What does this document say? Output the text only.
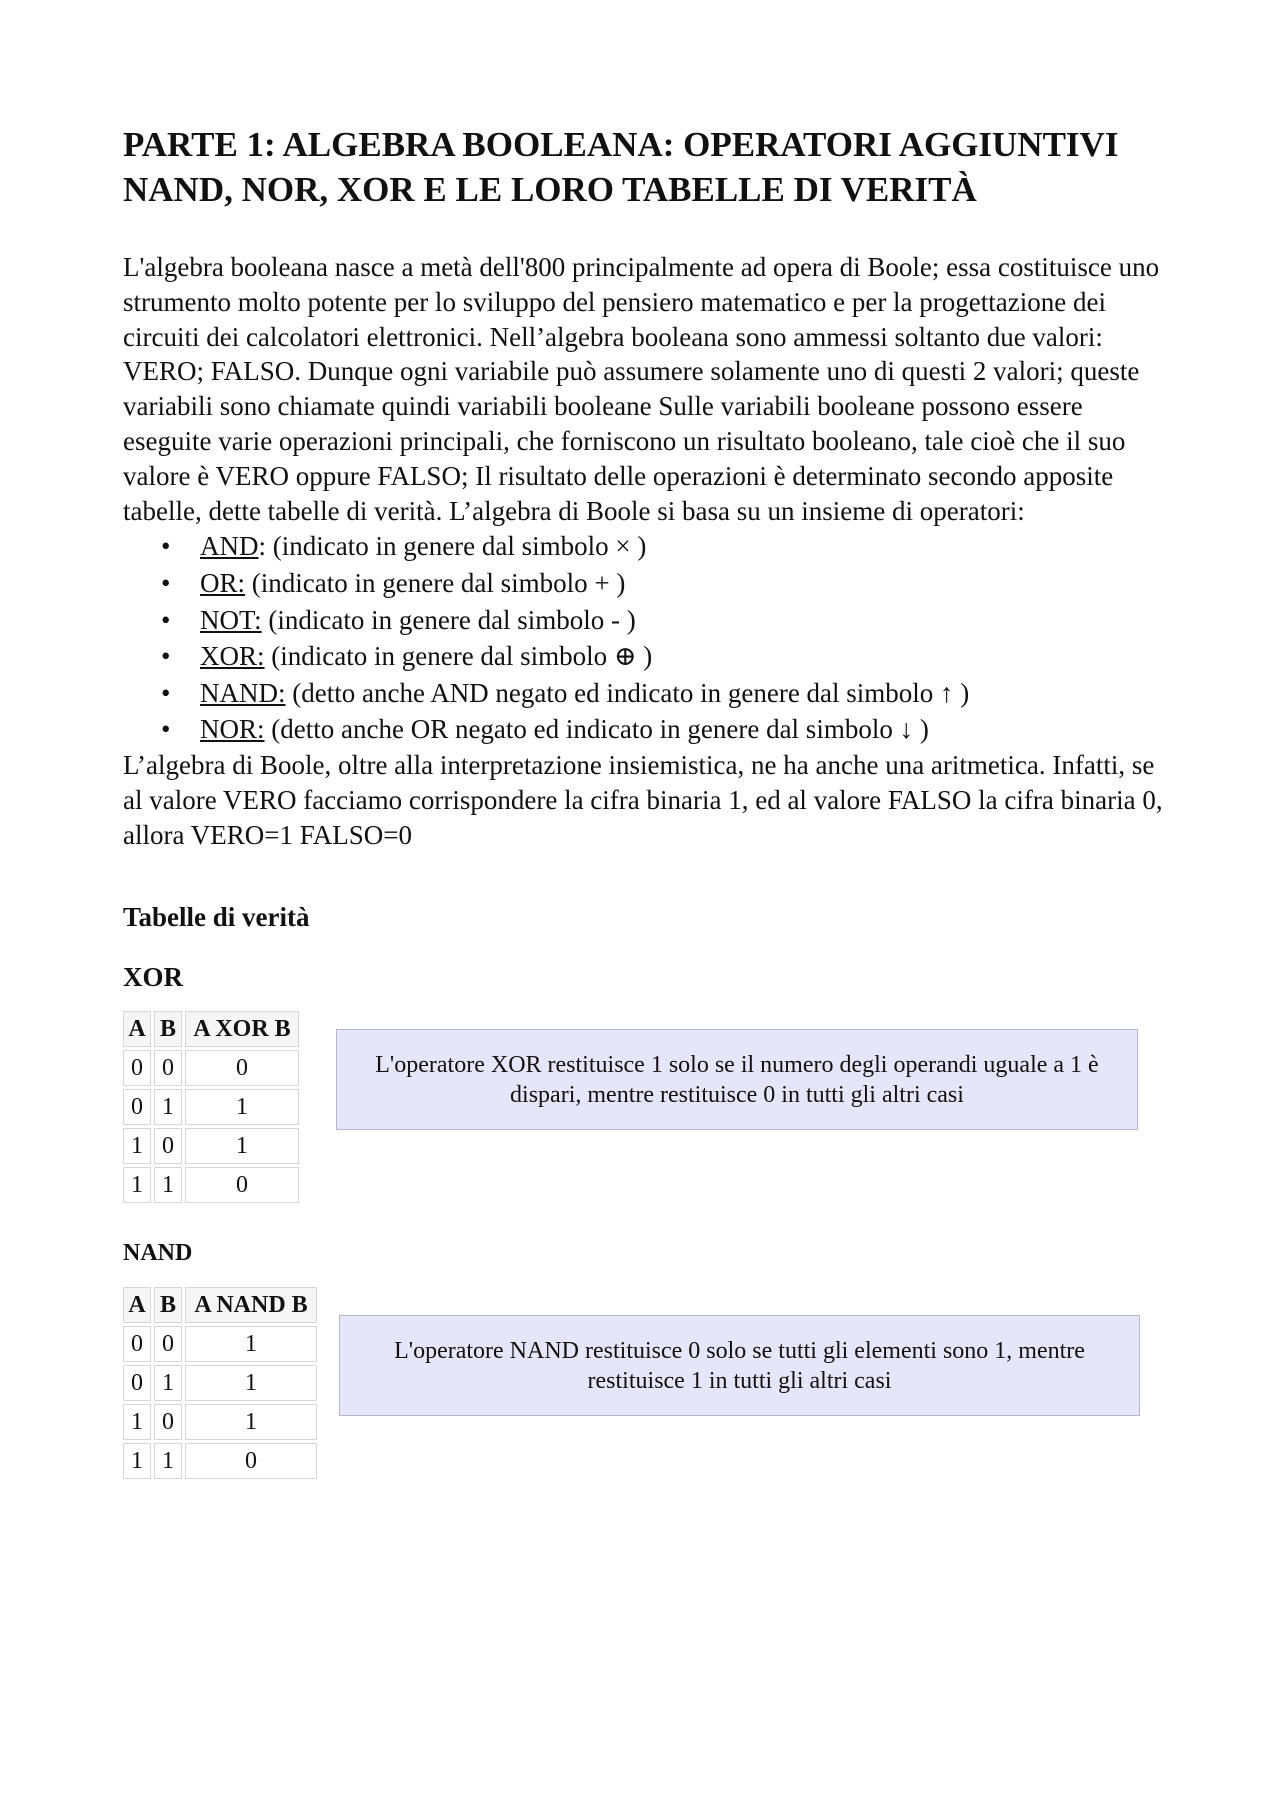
PARTE 1: ALGEBRA BOOLEANA: OPERATORI AGGIUNTIVI NAND, NOR, XOR E LE LORO TABELLE DI VERITÀ

L'algebra booleana nasce a metà dell'800 principalmente ad opera di Boole; essa costituisce uno strumento molto potente per lo sviluppo del pensiero matematico e per la progettazione dei circuiti dei calcolatori elettronici. Nell’algebra booleana sono ammessi soltanto due valori: VERO; FALSO. Dunque ogni variabile può assumere solamente uno di questi 2 valori; queste variabili sono chiamate quindi variabili booleane Sulle variabili booleane possono essere eseguite varie operazioni principali, che forniscono un risultato booleano, tale cioè che il suo valore è VERO oppure FALSO; Il risultato delle operazioni è determinato secondo apposite tabelle, dette tabelle di verità. L’algebra di Boole si basa su un insieme di operatori:

• AND: (indicato in genere dal simbolo × )
• OR: (indicato in genere dal simbolo + )
• NOT: (indicato in genere dal simbolo - )
• XOR: (indicato in genere dal simbolo ⊕ )
• NAND: (detto anche AND negato ed indicato in genere dal simbolo ↑ )
• NOR: (detto anche OR negato ed indicato in genere dal simbolo ↓ )

L’algebra di Boole, oltre alla interpretazione insiemistica, ne ha anche una aritmetica. Infatti, se al valore VERO facciamo corrispondere la cifra binaria 1, ed al valore FALSO la cifra binaria 0, allora VERO=1 FALSO=0

Tabelle di verità
XOR
A	B	A XOR B
0	0	0
0	1	1
1	0	1
1	1	0
L'operatore XOR restituisce 1 solo se il numero degli operandi uguale a 1 è dispari, mentre restituisce 0 in tutti gli altri casi
NAND
A	B	A NAND B
0	0	1
0	1	1
1	0	1
1	1	0
L'operatore NAND restituisce 0 solo se tutti gli elementi sono 1, mentre restituisce 1 in tutti gli altri casi
